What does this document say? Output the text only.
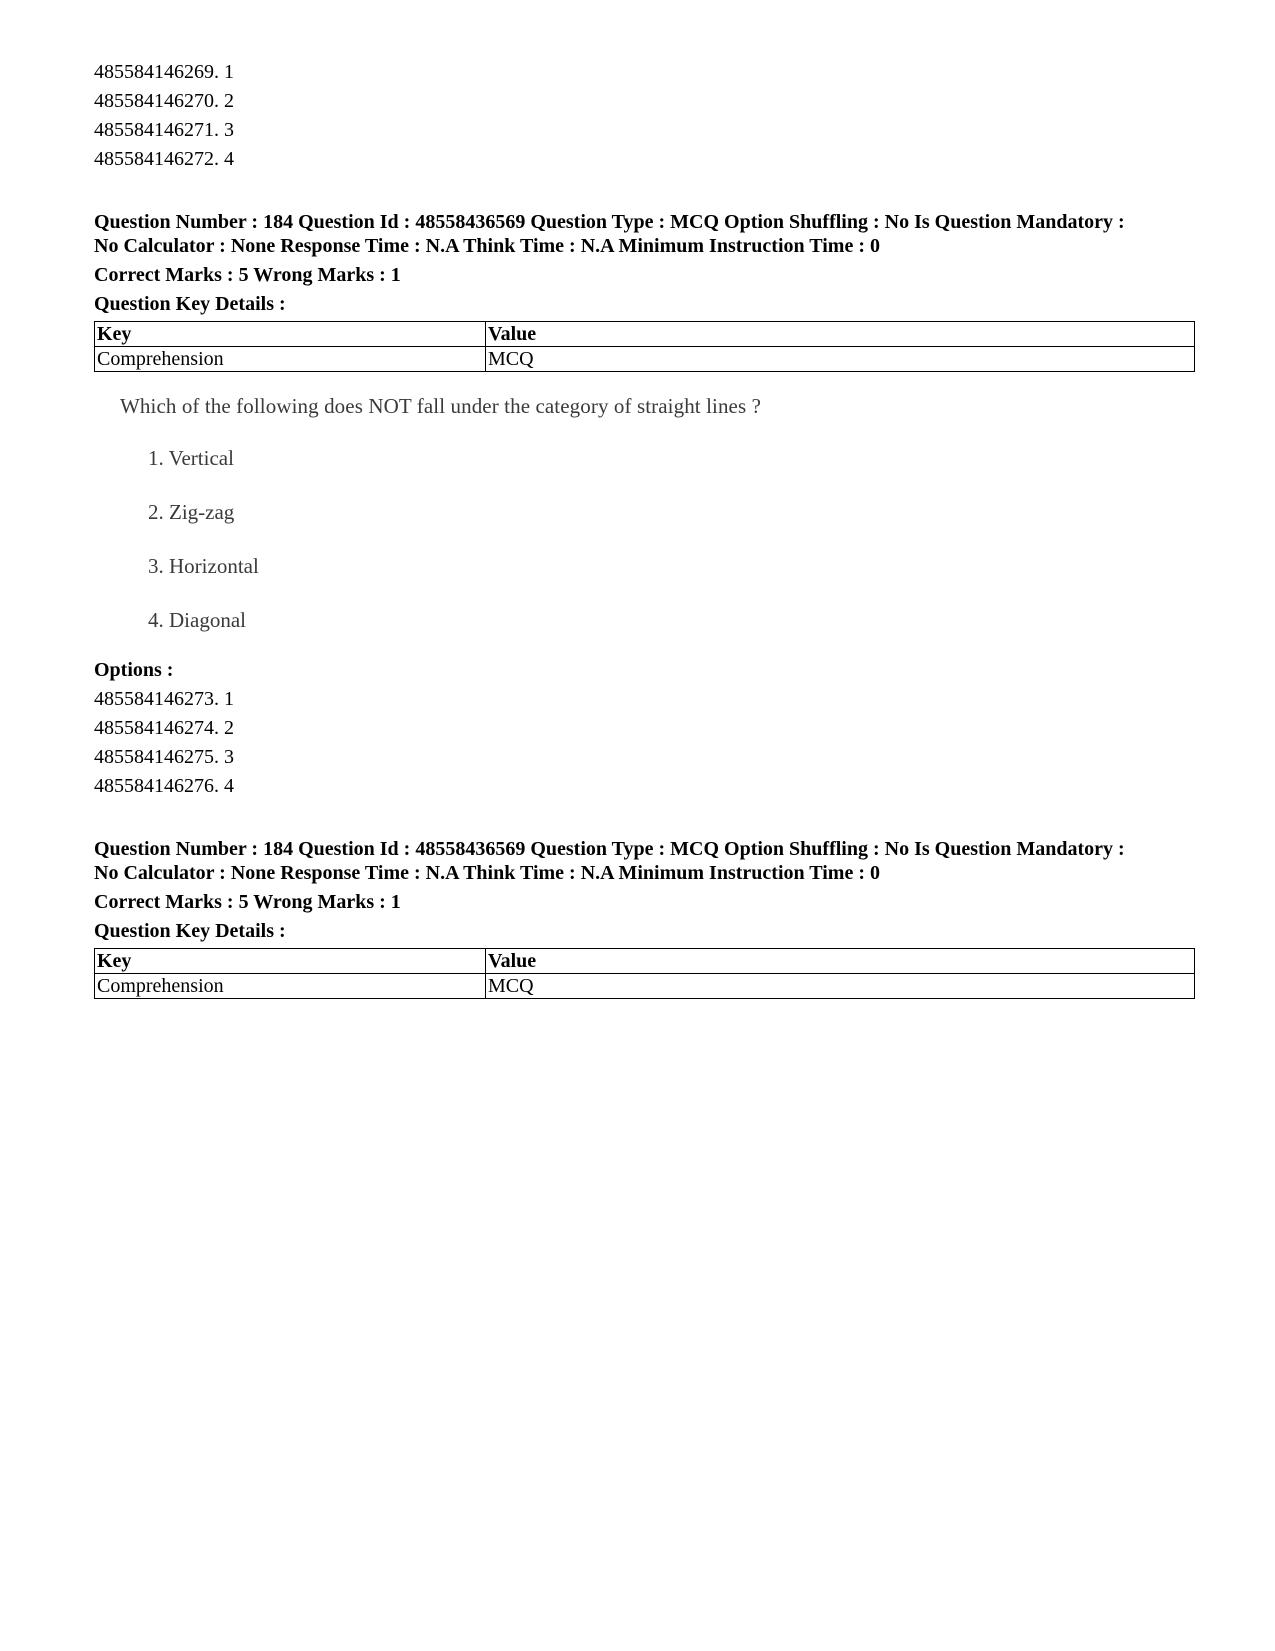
485584146269. 1

485584146270. 2

485584146271. 3

485584146272. 4

Question Number : 184 Question Id : 48558436569 Question Type : MCQ Option Shuffling : No Is Question Mandatory :

No Calculator : None Response Time : N.A Think Time : N.A Minimum Instruction Time : 0

Correct Marks : 5 Wrong Marks : 1

Question Key Details :

Key	Value
Comprehension	MCQ

Which of the following does NOT fall under the category of straight lines ?

1. Vertical

2. Zig-zag

3. Horizontal

4. Diagonal

Options :

485584146273. 1

485584146274. 2

485584146275. 3

485584146276. 4

Question Number : 184 Question Id : 48558436569 Question Type : MCQ Option Shuffling : No Is Question Mandatory :

No Calculator : None Response Time : N.A Think Time : N.A Minimum Instruction Time : 0

Correct Marks : 5 Wrong Marks : 1

Question Key Details :

Key	Value
Comprehension	MCQ
